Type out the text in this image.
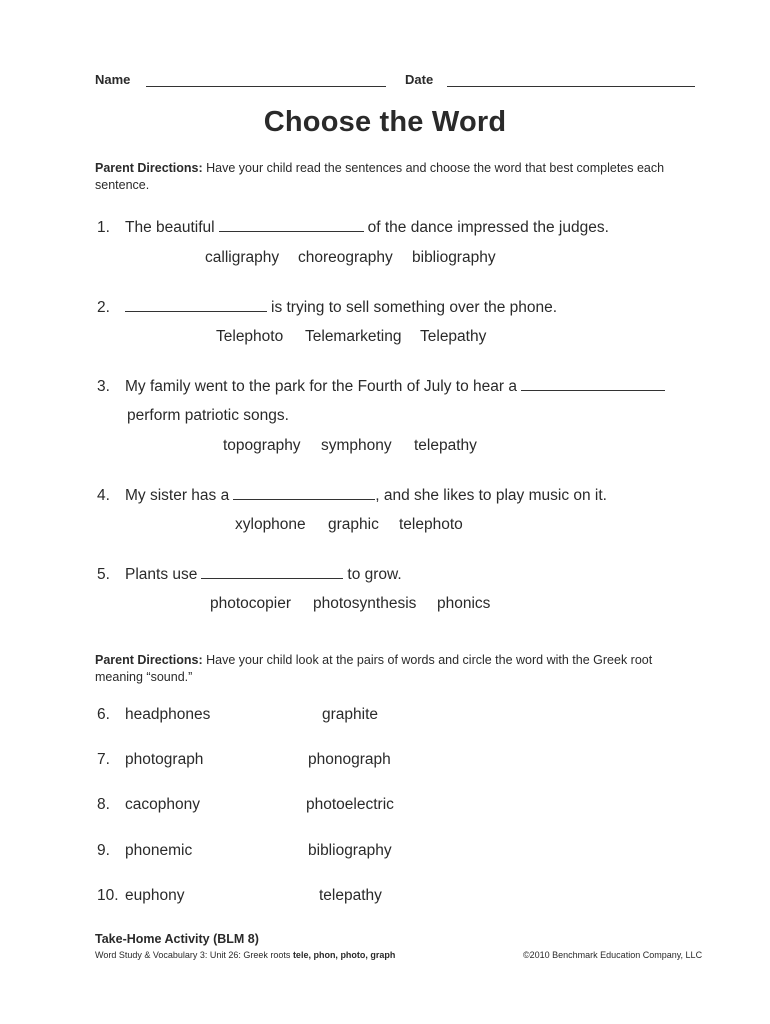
Name	Date
Choose the Word
Parent Directions: Have your child read the sentences and choose the word that best completes each
sentence.
1. The beautiful	of the dance impressed the judges.
calligraphy choreography bibliography
2.	is trying to sell something over the phone.
Telephoto Telemarketing Telepathy
3. My family went to the park for the Fourth of July to hear a
perform patriotic songs.
topography symphony telepathy
4. My sister has a	, and she likes to play music on it.
xylophone graphic telephoto
5. Plants use	to grow.
photocopier photosynthesis phonics
Parent Directions: Have your child look at the pairs of words and circle the word with the Greek root
meaning “sound.”
6. headphones	graphite
7. photograph	phonograph
8. cacophony	photoelectric
9. phonemic	bibliography
10. euphony	telepathy
Take-Home Activity (BLM 8)
Word Study & Vocabulary 3: Unit 26: Greek roots tele, phon, photo, graph	©2010 Benchmark Education Company, LLC
